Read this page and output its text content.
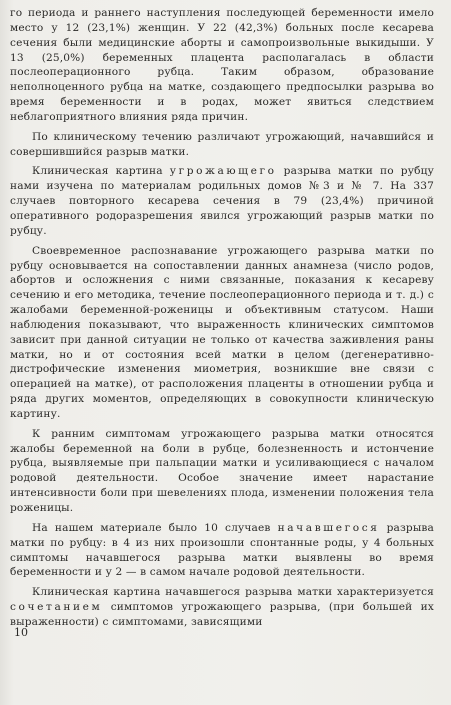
го периода и раннего наступления последующей беременности имело место у 12 (23,1%) женщин. У 22 (42,3%) больных после кесарева сечения были медицинские аборты и самопроизвольные выкидыши. У 13 (25,0%) беременных плацента располагалась в области послеоперационного рубца. Таким образом, образование неполноценного рубца на матке, создающего предпосылки разрыва во время беременности и в родах, может явиться следствием неблагоприятного влияния ряда причин.

По клиническому течению различают угрожающий, начавшийся и совершившийся разрыв матки.

Клиническая картина угрожающего разрыва матки по рубцу нами изучена по материалам родильных домов №3 и № 7. На 337 случаев повторного кесарева сечения в 79 (23,4%) причиной оперативного родоразрешения явился угрожающий разрыв матки по рубцу.

Своевременное распознавание угрожающего разрыва матки по рубцу основывается на сопоставлении данных анамнеза (число родов, абортов и осложнения с ними связанные, показания к кесареву сечению и его методика, течение послеоперационного периода и т. д.) с жалобами беременной-роженицы и объективным статусом. Наши наблюдения показывают, что выраженность клинических симптомов зависит при данной ситуации не только от качества заживления раны матки, но и от состояния всей матки в целом (дегенеративно-дистрофические изменения миометрия, возникшие вне связи с операцией на матке), от расположения плаценты в отношении рубца и ряда других моментов, определяющих в совокупности клиническую картину.

К ранним симптомам угрожающего разрыва матки относятся жалобы беременной на боли в рубце, болезненность и истончение рубца, выявляемые при пальпации матки и усиливающиеся с началом родовой деятельности. Особое значение имеет нарастание интенсивности боли при шевелениях плода, изменении положения тела роженицы.

На нашем материале было 10 случаев начавшегося разрыва матки по рубцу: в 4 из них произошли спонтанные роды, у 4 больных симптомы начавшегося разрыва матки выявлены во время беременности и у 2 — в самом начале родовой деятельности.

Клиническая картина начавшегося разрыва матки характеризуется сочетанием симптомов угрожающего разрыва, (при большей их выраженности) с симптомами, зависящими

10
